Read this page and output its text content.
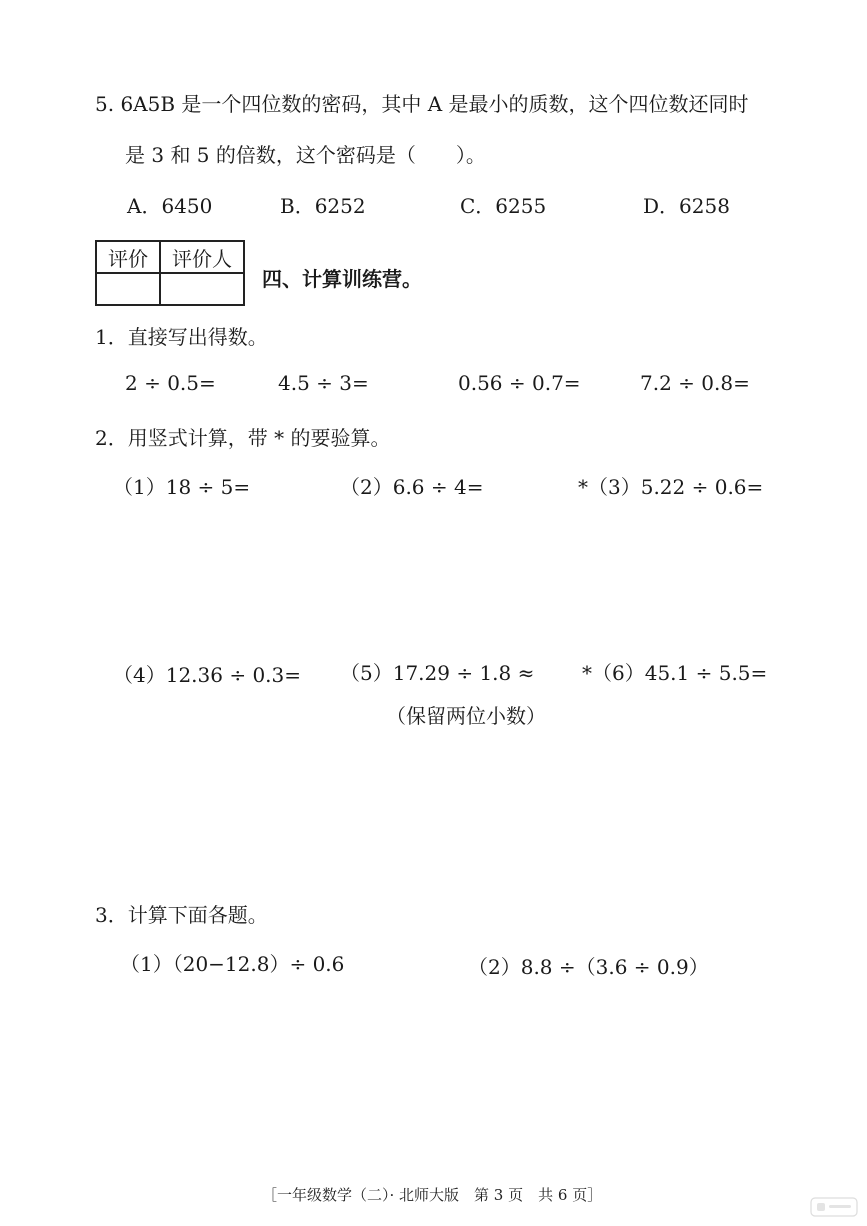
5. 6A5B 是一个四位数的密码，其中 A 是最小的质数，这个四位数还同时
是 3 和 5 的倍数，这个密码是（　　）。
A．6450	B．6252	C．6255	D．6258
评价	评价人

四、计算训练营。
1．直接写出得数。
2 ÷ 0.5=	4.5 ÷ 3=	0.56 ÷ 0.7=	7.2 ÷ 0.8=
2．用竖式计算，带 * 的要验算。
（1）18 ÷ 5=	（2）6.6 ÷ 4=	*（3）5.22 ÷ 0.6=
（4）12.36 ÷ 0.3= （5）17.29 ÷ 1.8 ≈ *（6）45.1 ÷ 5.5=
（保留两位小数）
3．计算下面各题。
（1）（20−12.8）÷ 0.6	（2）8.8 ÷（3.6 ÷ 0.9）
［一年级数学（二）· 北师大版　第 3 页　共 6 页］
